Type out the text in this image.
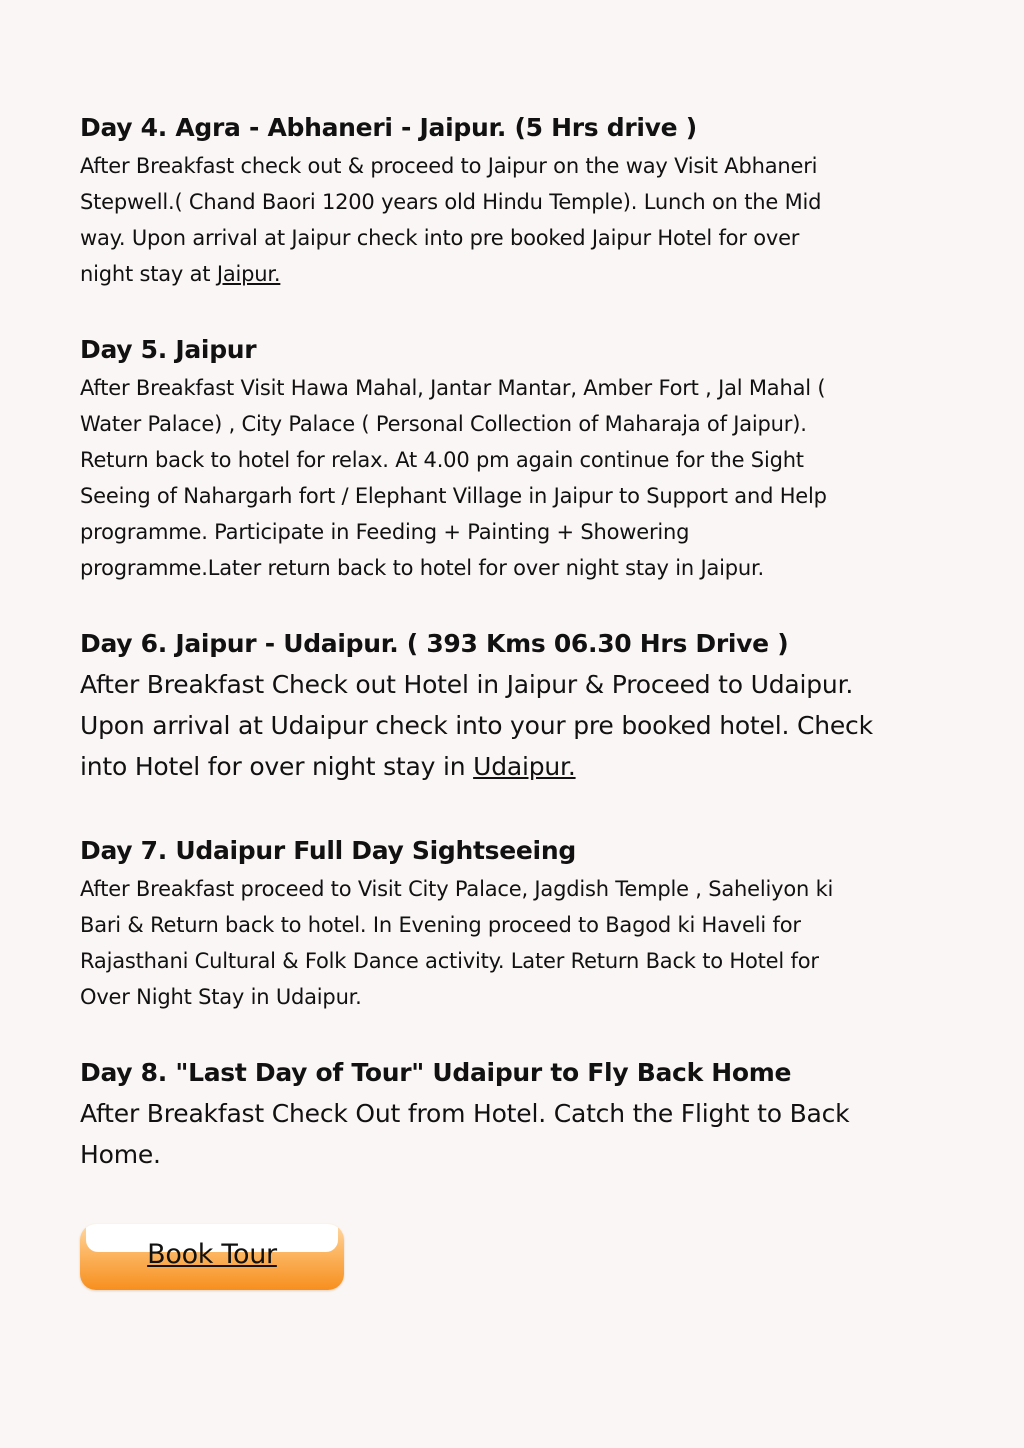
Day 4. Agra - Abhaneri - Jaipur. (5 Hrs drive )

After Breakfast check out & proceed to Jaipur on the way Visit Abhaneri
Stepwell.( Chand Baori 1200 years old Hindu Temple). Lunch on the Mid
way. Upon arrival at Jaipur check into pre booked Jaipur Hotel for over
night stay at Jaipur.

Day 5. Jaipur

After Breakfast Visit Hawa Mahal, Jantar Mantar, Amber Fort , Jal Mahal (
Water Palace) , City Palace ( Personal Collection of Maharaja of Jaipur).
Return back to hotel for relax. At 4.00 pm again continue for the Sight
Seeing of Nahargarh fort / Elephant Village in Jaipur to Support and Help
programme. Participate in Feeding + Painting + Showering
programme.Later return back to hotel for over night stay in Jaipur.

Day 6. Jaipur - Udaipur. ( 393 Kms 06.30 Hrs Drive )

After Breakfast Check out Hotel in Jaipur & Proceed to Udaipur.
Upon arrival at Udaipur check into your pre booked hotel. Check
into Hotel for over night stay in Udaipur.

Day 7. Udaipur Full Day Sightseeing

After Breakfast proceed to Visit City Palace, Jagdish Temple , Saheliyon ki
Bari & Return back to hotel. In Evening proceed to Bagod ki Haveli for
Rajasthani Cultural & Folk Dance activity. Later Return Back to Hotel for
Over Night Stay in Udaipur.

Day 8. "Last Day of Tour" Udaipur to Fly Back Home

After Breakfast Check Out from Hotel. Catch the Flight to Back
Home.

Book Tour
